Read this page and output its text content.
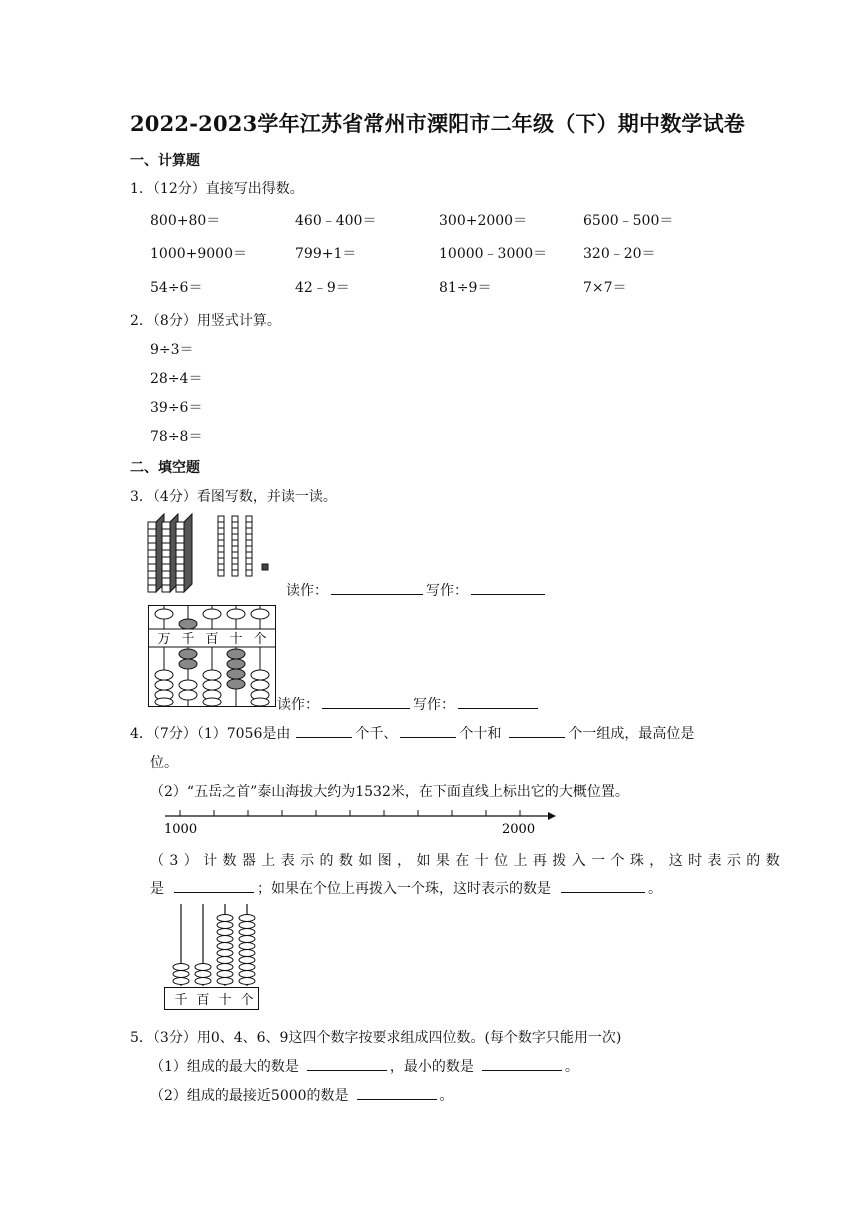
2022-2023学年江苏省常州市溧阳市二年级（下）期中数学试卷
一、计算题
1．（12分）直接写出得数。
800+80＝	460﹣400＝	300+2000＝	6500﹣500＝
1000+9000＝	799+1＝	10000﹣3000＝	320﹣20＝
54÷6＝	42﹣9＝	81÷9＝	7×7＝
2．（8分）用竖式计算。
9÷3＝
28÷4＝
39÷6＝
78÷8＝
二、填空题
3．（4分）看图写数，并读一读。
读作：	写作：
万 千 百 十 个
读作：	写作：
4．（7分）（1）7056是由	个千、	个十和	个一组成，最高位是
位。
（2）“五岳之首”泰山海拔大约为1532米，在下面直线上标出它的大概位置。
1000	2000
（3）计数器上表示的数如图，如果在十位上再拨入一个珠，这时表示的数
是	；如果在个位上再拨入一个珠，这时表示的数是	。
千 百 十 个
5．（3分）用0、4、6、9这四个数字按要求组成四位数。(每个数字只能用一次)
（1）组成的最大的数是	，最小的数是	。
（2）组成的最接近5000的数是	。
